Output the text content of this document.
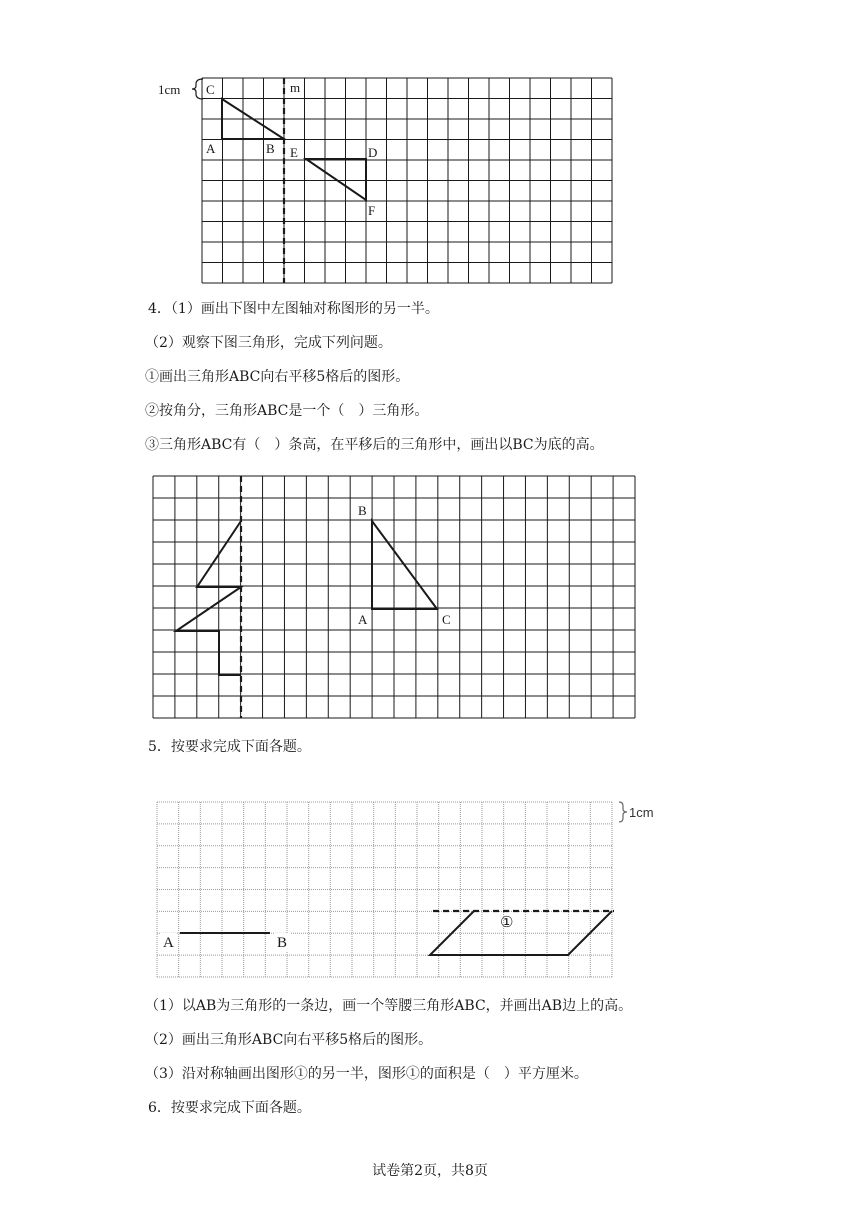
1cm	m
C
A	B E	D
F
4．（1）画出下图中左图轴对称图形的另一半。
（2）观察下图三角形，完成下列问题。
①画出三角形ABC向右平移5格后的图形。
②按角分，三角形ABC是一个（　）三角形。
③三角形ABC有（　）条高，在平移后的三角形中，画出以BC为底的高。
B
A	C
5．按要求完成下面各题。
1cm
A	B
①
（1）以AB为三角形的一条边，画一个等腰三角形ABC，并画出AB边上的高。
（2）画出三角形ABC向右平移5格后的图形。
（3）沿对称轴画出图形①的另一半，图形①的面积是（　）平方厘米。
6．按要求完成下面各题。
试卷第2页，共8页
